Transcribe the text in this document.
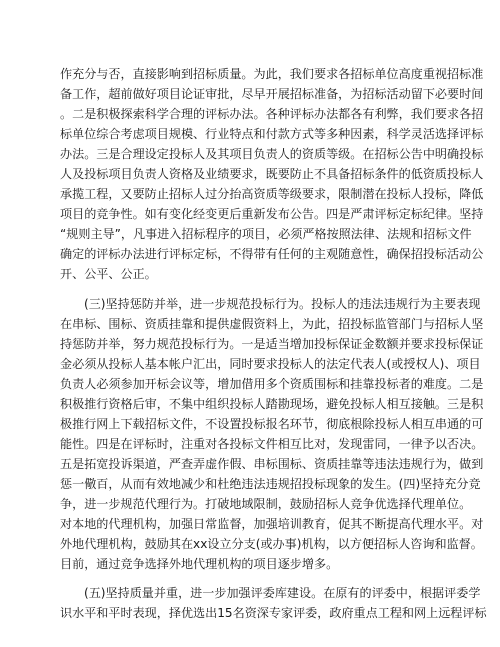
作充分与否，直接影响到招标质量。为此，我们要求各招标单位高度重视招标准
备工作，超前做好项目论证审批，尽早开展招标准备，为招标活动留下必要时间
。二是积极探索科学合理的评标办法。各种评标办法都各有利弊，我们要求各招
标单位综合考虑项目规模、行业特点和付款方式等多种因素，科学灵活选择评标
办法。三是合理设定投标人及其项目负责人的资质等级。在招标公告中明确投标
人及投标项目负责人资格及业绩要求，既要防止不具备招标条件的低资质投标人
承揽工程，又要防止招标人过分抬高资质等级要求，限制潜在投标人投标，降低
项目的竞争性。如有变化经变更后重新发布公告。四是严肃评标定标纪律。坚持
“规则主导”，凡事进入招标程序的项目，必须严格按照法律、法规和招标文件
确定的评标办法进行评标定标，不得带有任何的主观随意性，确保招投标活动公
开、公平、公正。
(三)坚持惩防并举，进一步规范投标行为。投标人的违法违规行为主要表现
在串标、围标、资质挂靠和提供虚假资料上，为此，招投标监管部门与招标人坚
持惩防并举，努力规范投标行为。一是适当增加投标保证金数额并要求投标保证
金必须从投标人基本帐户汇出，同时要求投标人的法定代表人(或授权人)、项目
负责人必须参加开标会议等，增加借用多个资质围标和挂靠投标者的难度。二是
积极推行资格后审，不集中组织投标人踏勘现场，避免投标人相互接触。三是积
极推行网上下载招标文件，不设置投标报名环节，彻底根除投标人相互串通的可
能性。四是在评标时，注重对各投标文件相互比对，发现雷同，一律予以否决。
五是拓宽投诉渠道，严查弄虚作假、串标围标、资质挂靠等违法违规行为，做到
惩一儆百，从而有效地减少和杜绝违法违规招投标现象的发生。(四)坚持充分竞
争，进一步规范代理行为。打破地域限制，鼓励招标人竞争优选择代理单位。
对本地的代理机构，加强日常监督，加强培训教育，促其不断提高代理水平。对
外地代理机构，鼓励其在xx设立分支(或办事)机构，以方便招标人咨询和监督。
目前，通过竞争选择外地代理机构的项目逐步增多。
(五)坚持质量并重，进一步加强评委库建设。在原有的评委中，根据评委学
识水平和平时表现，择优选出15名资深专家评委，政府重点工程和网上远程评标
